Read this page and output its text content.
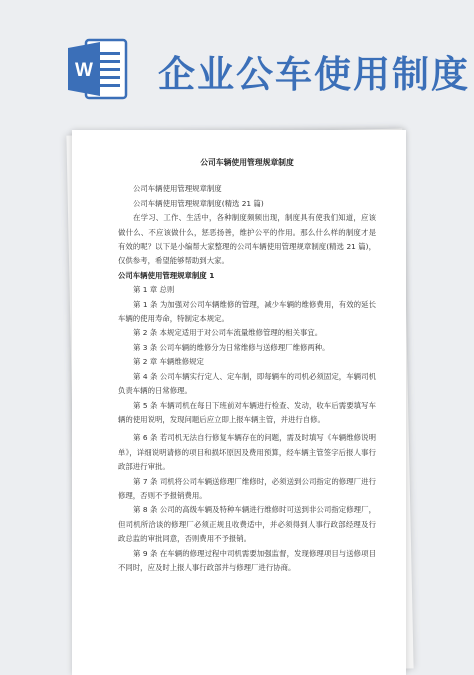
W 企业公车使用制度

公司车辆使用管理规章制度

公司车辆使用管理规章制度

公司车辆使用管理规章制度(精选 21 篇)

在学习、工作、生活中，各种制度频频出现，制度具有使我们知道，应该做什么、不应该做什么，惩恶扬善，维护公平的作用。那么什么样的制度才是有效的呢？以下是小编帮大家整理的公司车辆使用管理规章制度(精选 21 篇)，仅供参考，希望能够帮助到大家。

公司车辆使用管理规章制度 1

第 1 章 总则

第 1 条 为加强对公司车辆维修的管理，减少车辆的维修费用，有效的延长车辆的使用寿命，特制定本规定。

第 2 条 本规定适用于对公司车流量维修管理的相关事宜。

第 3 条 公司车辆的维修分为日常维修与送修理厂维修两种。

第 2 章 车辆维修规定

第 4 条 公司车辆实行定人、定车制，即每辆车的司机必须固定，车辆司机负责车辆的日常修理。

第 5 条 车辆司机在每日下班前对车辆进行检查、发动，收车后需要填写车辆的使用说明，发现问题后应立即上报车辆主管，并进行自修。

第 6 条 若司机无法自行修复车辆存在的问题，需及时填写《车辆维修说明单》，详细说明请修的项目和损坏原因及费用预算，经车辆主管签字后报人事行政部进行审批。

第 7 条 司机将公司车辆送修理厂维修时，必须送到公司指定的修理厂进行修理，否则不予报销费用。

第 8 条 公司的高级车辆及特种车辆进行维修时可送到非公司指定修理厂，但司机所洽谈的修理厂必须正规且收费适中，并必须得到人事行政部经理及行政总监的审批同意，否则费用不予报销。

第 9 条 在车辆的修理过程中司机需要加强监督，发现修理项目与送修项目不同时，应及时上报人事行政部并与修理厂进行协商。
